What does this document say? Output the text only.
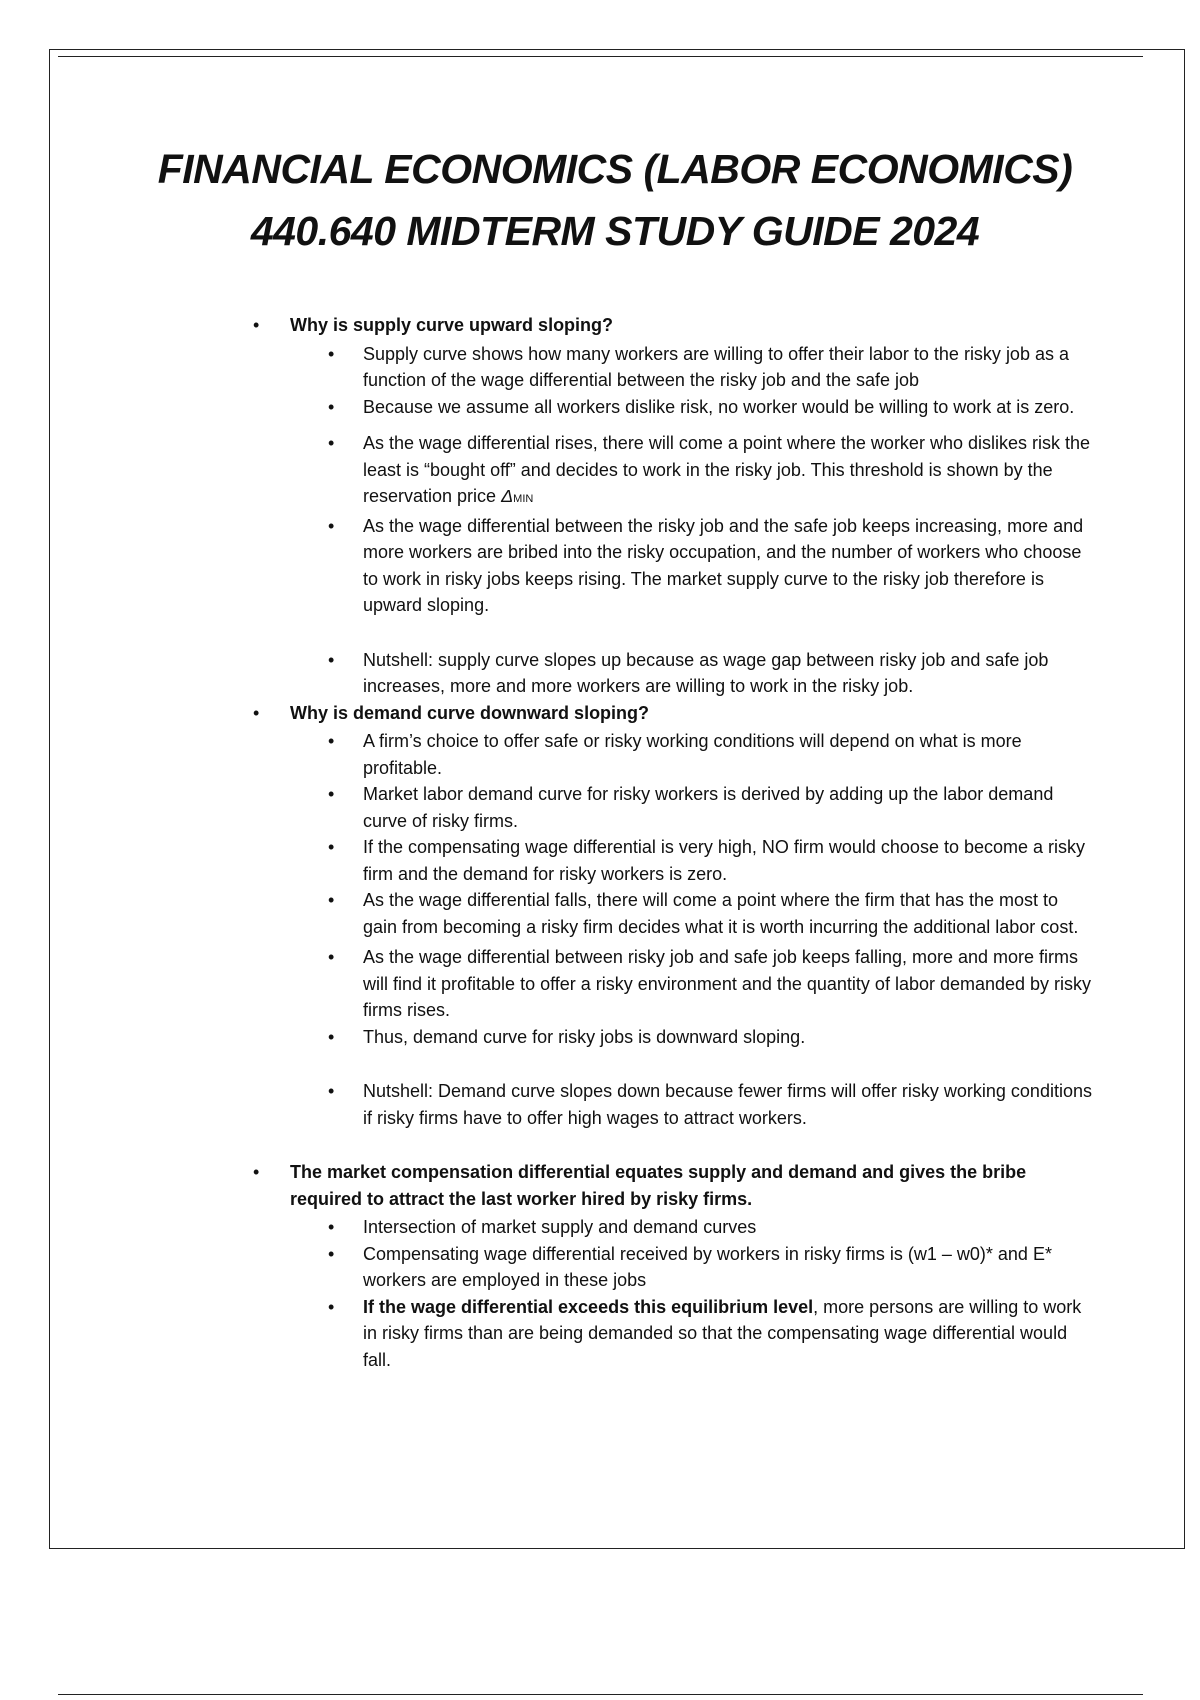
FINANCIAL ECONOMICS (LABOR ECONOMICS)
440.640 MIDTERM STUDY GUIDE 2024
• Why is supply curve upward sloping?
• Supply curve shows how many workers are willing to offer their labor to the risky job as a function of the wage differential between the risky job and the safe job
• Because we assume all workers dislike risk, no worker would be willing to work at is zero.
• As the wage differential rises, there will come a point where the worker who dislikes risk the least is “bought off” and decides to work in the risky job. This threshold is shown by the reservation price ΔMIN
• As the wage differential between the risky job and the safe job keeps increasing, more and more workers are bribed into the risky occupation, and the number of workers who choose to work in risky jobs keeps rising. The market supply curve to the risky job therefore is upward sloping.
• Nutshell: supply curve slopes up because as wage gap between risky job and safe job increases, more and more workers are willing to work in the risky job.
• Why is demand curve downward sloping?
• A firm’s choice to offer safe or risky working conditions will depend on what is more profitable.
• Market labor demand curve for risky workers is derived by adding up the labor demand curve of risky firms.
• If the compensating wage differential is very high, NO firm would choose to become a risky firm and the demand for risky workers is zero.
• As the wage differential falls, there will come a point where the firm that has the most to gain from becoming a risky firm decides what it is worth incurring the additional labor cost.
• As the wage differential between risky job and safe job keeps falling, more and more firms will find it profitable to offer a risky environment and the quantity of labor demanded by risky firms rises.
• Thus, demand curve for risky jobs is downward sloping.
• Nutshell: Demand curve slopes down because fewer firms will offer risky working conditions if risky firms have to offer high wages to attract workers.
• The market compensation differential equates supply and demand and gives the bribe required to attract the last worker hired by risky firms.
• Intersection of market supply and demand curves
• Compensating wage differential received by workers in risky firms is (w1 – w0)* and E* workers are employed in these jobs
• If the wage differential exceeds this equilibrium level, more persons are willing to work in risky firms than are being demanded so that the compensating wage differential would fall.
